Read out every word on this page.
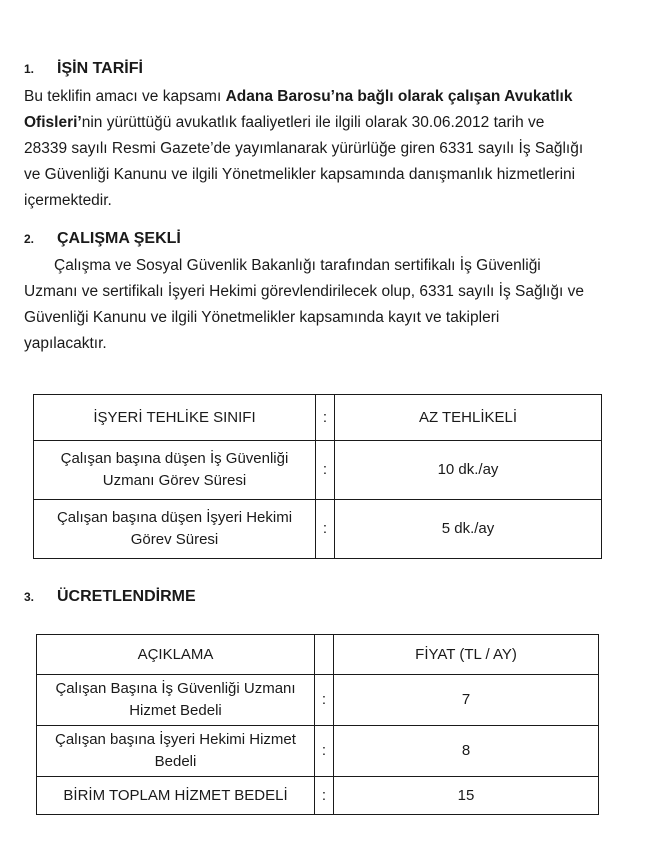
1.	İŞİN TARİFİ
Bu teklifin amacı ve kapsamı Adana Barosu’na bağlı olarak çalışan Avukatlık
Ofisleri’nin yürüttüğü avukatlık faaliyetleri ile ilgili olarak 30.06.2012 tarih ve
28339 sayılı Resmi Gazete’de yayımlanarak yürürlüğe giren 6331 sayılı İş Sağlığı
ve Güvenliği Kanunu ve ilgili Yönetmelikler kapsamında danışmanlık hizmetlerini
içermektedir.
2.	ÇALIŞMA ŞEKLİ
Çalışma ve Sosyal Güvenlik Bakanlığı tarafından sertifikalı İş Güvenliği
Uzmanı ve sertifikalı İşyeri Hekimi görevlendirilecek olup, 6331 sayılı İş Sağlığı ve
Güvenliği Kanunu ve ilgili Yönetmelikler kapsamında kayıt ve takipleri
yapılacaktır.
İŞYERİ TEHLİKE SINIFI	:	AZ TEHLİKELİ

Çalışan başına düşen İş Güvenliği
Uzmanı Görev Süresi	:	10 dk./ay

Çalışan başına düşen İşyeri Hekimi
Görev Süresi	:	5 dk./ay
3.	ÜCRETLENDİRME
AÇIKLAMA		FİYAT (TL / AY)

Çalışan Başına İş Güvenliği Uzmanı
Hizmet Bedeli	:	7

Çalışan başına İşyeri Hekimi Hizmet
Bedeli	:	8
BİRİM TOPLAM HİZMET BEDELİ	:	15
